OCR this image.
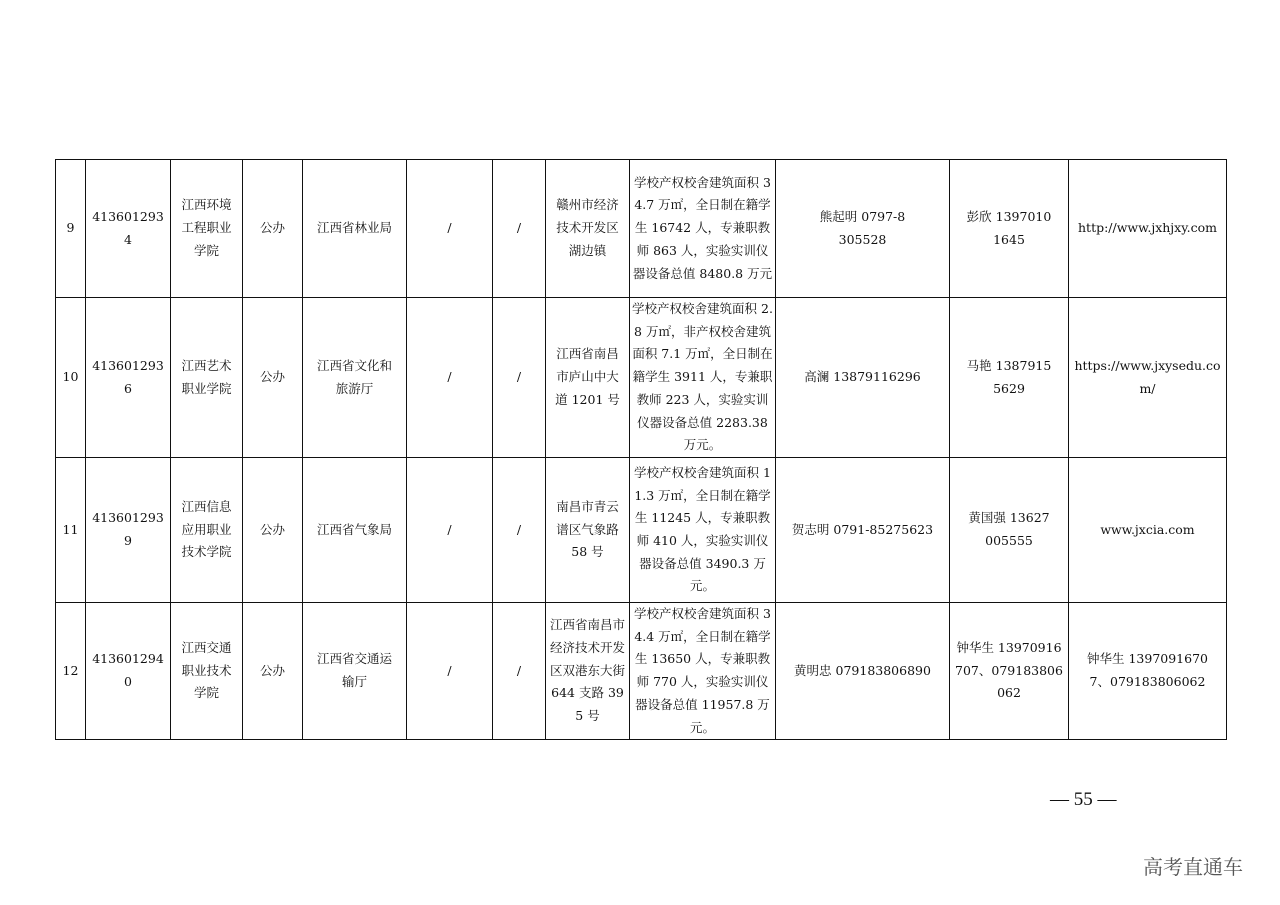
9	4136012934	江西环境工程职业学院	公办	江西省林业局	/	/	赣州市经济技术开发区湖边镇	学校产权校舍建筑面积 34.7 万㎡，全日制在籍学生 16742 人，专兼职教师 863 人，实验实训仪器设备总值 8480.8 万元	熊起明 0797-8305528	彭欣 13970101645	http://www.jxhjxy.com
10	4136012936	江西艺术职业学院	公办	江西省文化和旅游厅	/	/	江西省南昌市庐山中大道 1201 号	学校产权校舍建筑面积 2.8 万㎡，非产权校舍建筑面积 7.1 万㎡，全日制在籍学生 3911 人，专兼职教师 223 人，实验实训仪器设备总值 2283.38 万元。	高澜 13879116296	马艳 13879155629	https://www.jxysedu.com/
11	4136012939	江西信息应用职业技术学院	公办	江西省气象局	/	/	南昌市青云谱区气象路 58 号	学校产权校舍建筑面积 11.3 万㎡，全日制在籍学生 11245 人，专兼职教师 410 人，实验实训仪器设备总值 3490.3 万元。	贺志明 0791-85275623	黄国强 13627005555	www.jxcia.com
12	4136012940	江西交通职业技术学院	公办	江西省交通运输厅	/	/	江西省南昌市经济技术开发区双港东大街 644 支路 395 号	学校产权校舍建筑面积 34.4 万㎡，全日制在籍学生 13650 人，专兼职教师 770 人，实验实训仪器设备总值 11957.8 万元。	黄明忠 079183806890	钟华生 13970916707、079183806062	钟华生 13970916707、079183806062
— 55 —
高考直通车
